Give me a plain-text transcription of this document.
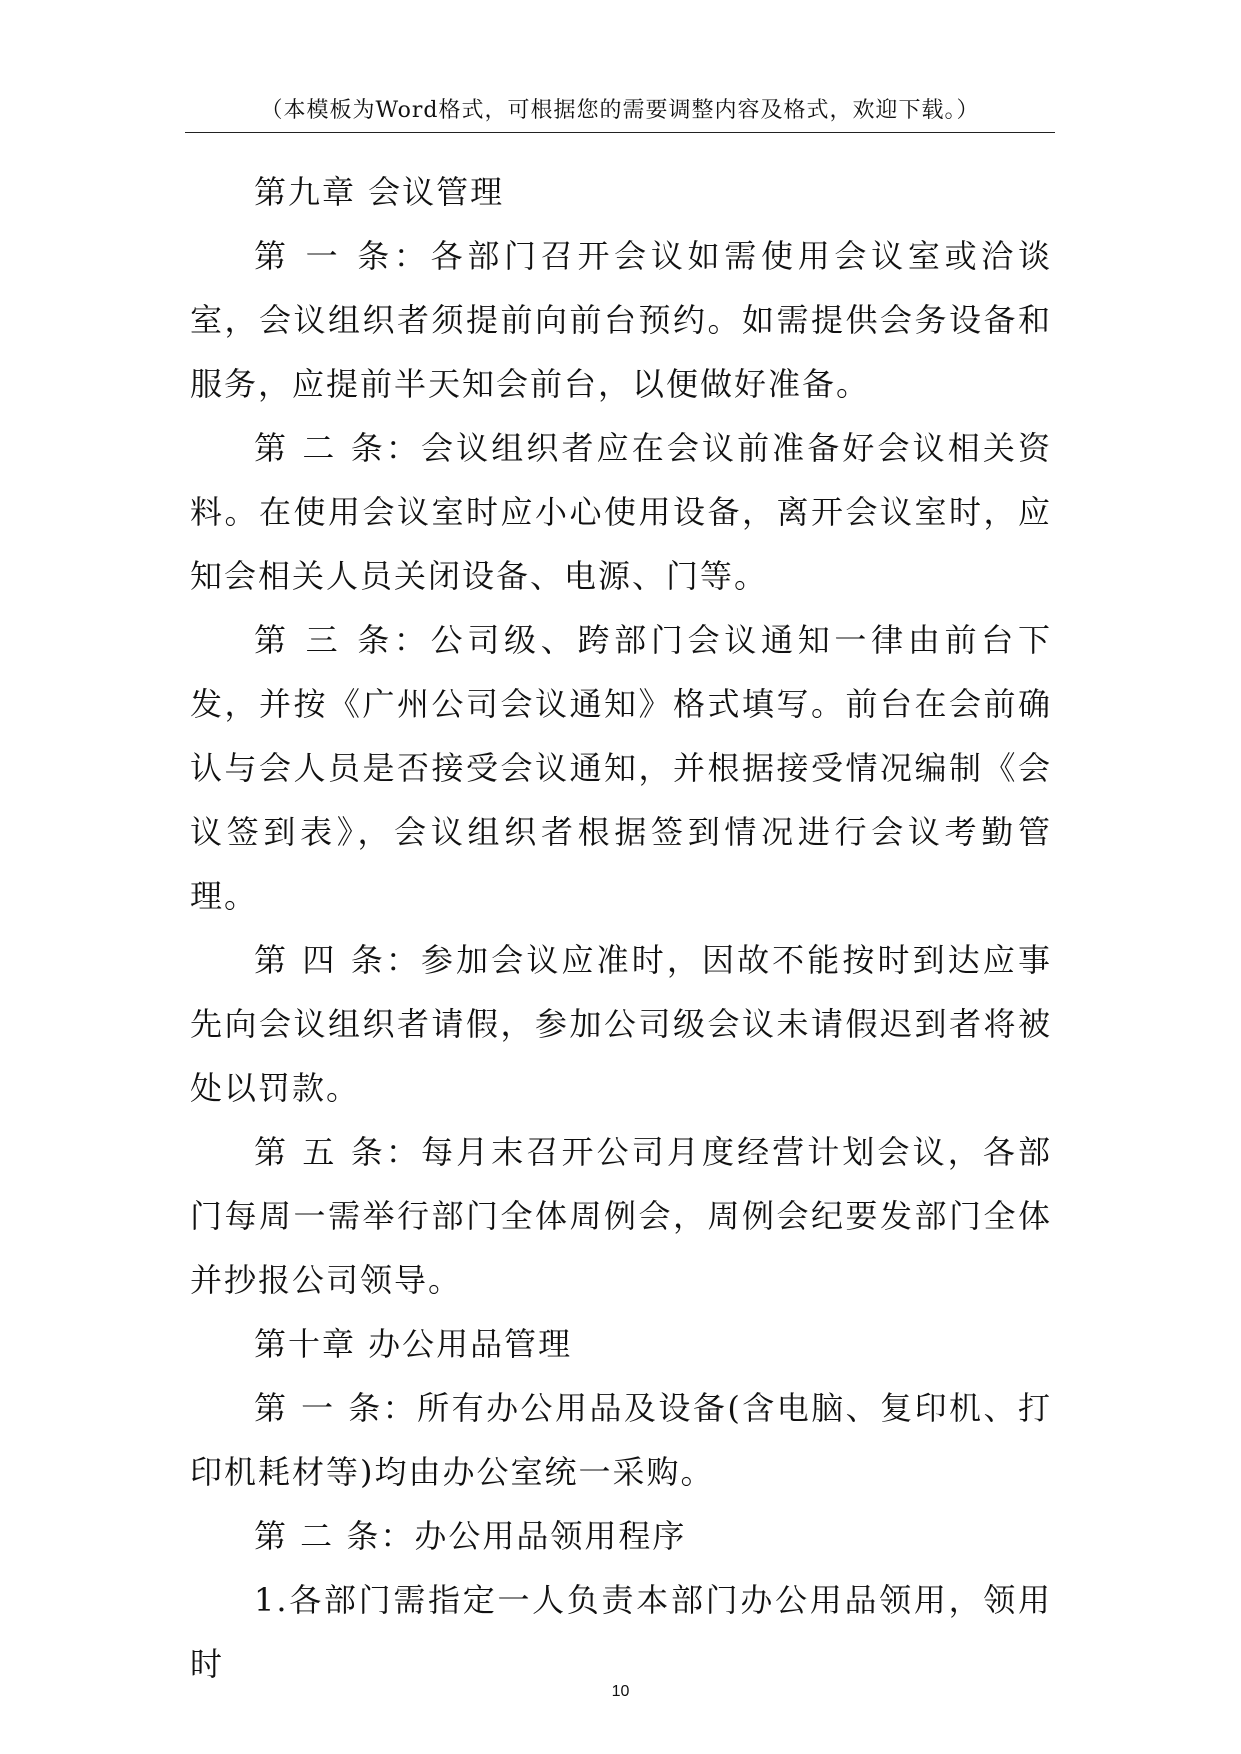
（本模板为Word格式，可根据您的需要调整内容及格式，欢迎下载。）

第九章 会议管理

第 一 条：各部门召开会议如需使用会议室或洽谈室，会议组织者须提前向前台预约。如需提供会务设备和服务，应提前半天知会前台，以便做好准备。

第 二 条：会议组织者应在会议前准备好会议相关资料。在使用会议室时应小心使用设备，离开会议室时，应知会相关人员关闭设备、电源、门等。

第 三 条：公司级、跨部门会议通知一律由前台下发，并按《广州公司会议通知》格式填写。前台在会前确认与会人员是否接受会议通知，并根据接受情况编制《会议签到表》，会议组织者根据签到情况进行会议考勤管理。

第 四 条：参加会议应准时，因故不能按时到达应事先向会议组织者请假，参加公司级会议未请假迟到者将被处以罚款。

第 五 条：每月末召开公司月度经营计划会议，各部门每周一需举行部门全体周例会，周例会纪要发部门全体并抄报公司领导。

第十章 办公用品管理

第 一 条：所有办公用品及设备(含电脑、复印机、打印机耗材等)均由办公室统一采购。

第 二 条：办公用品领用程序

1.各部门需指定一人负责本部门办公用品领用，领用时

10
